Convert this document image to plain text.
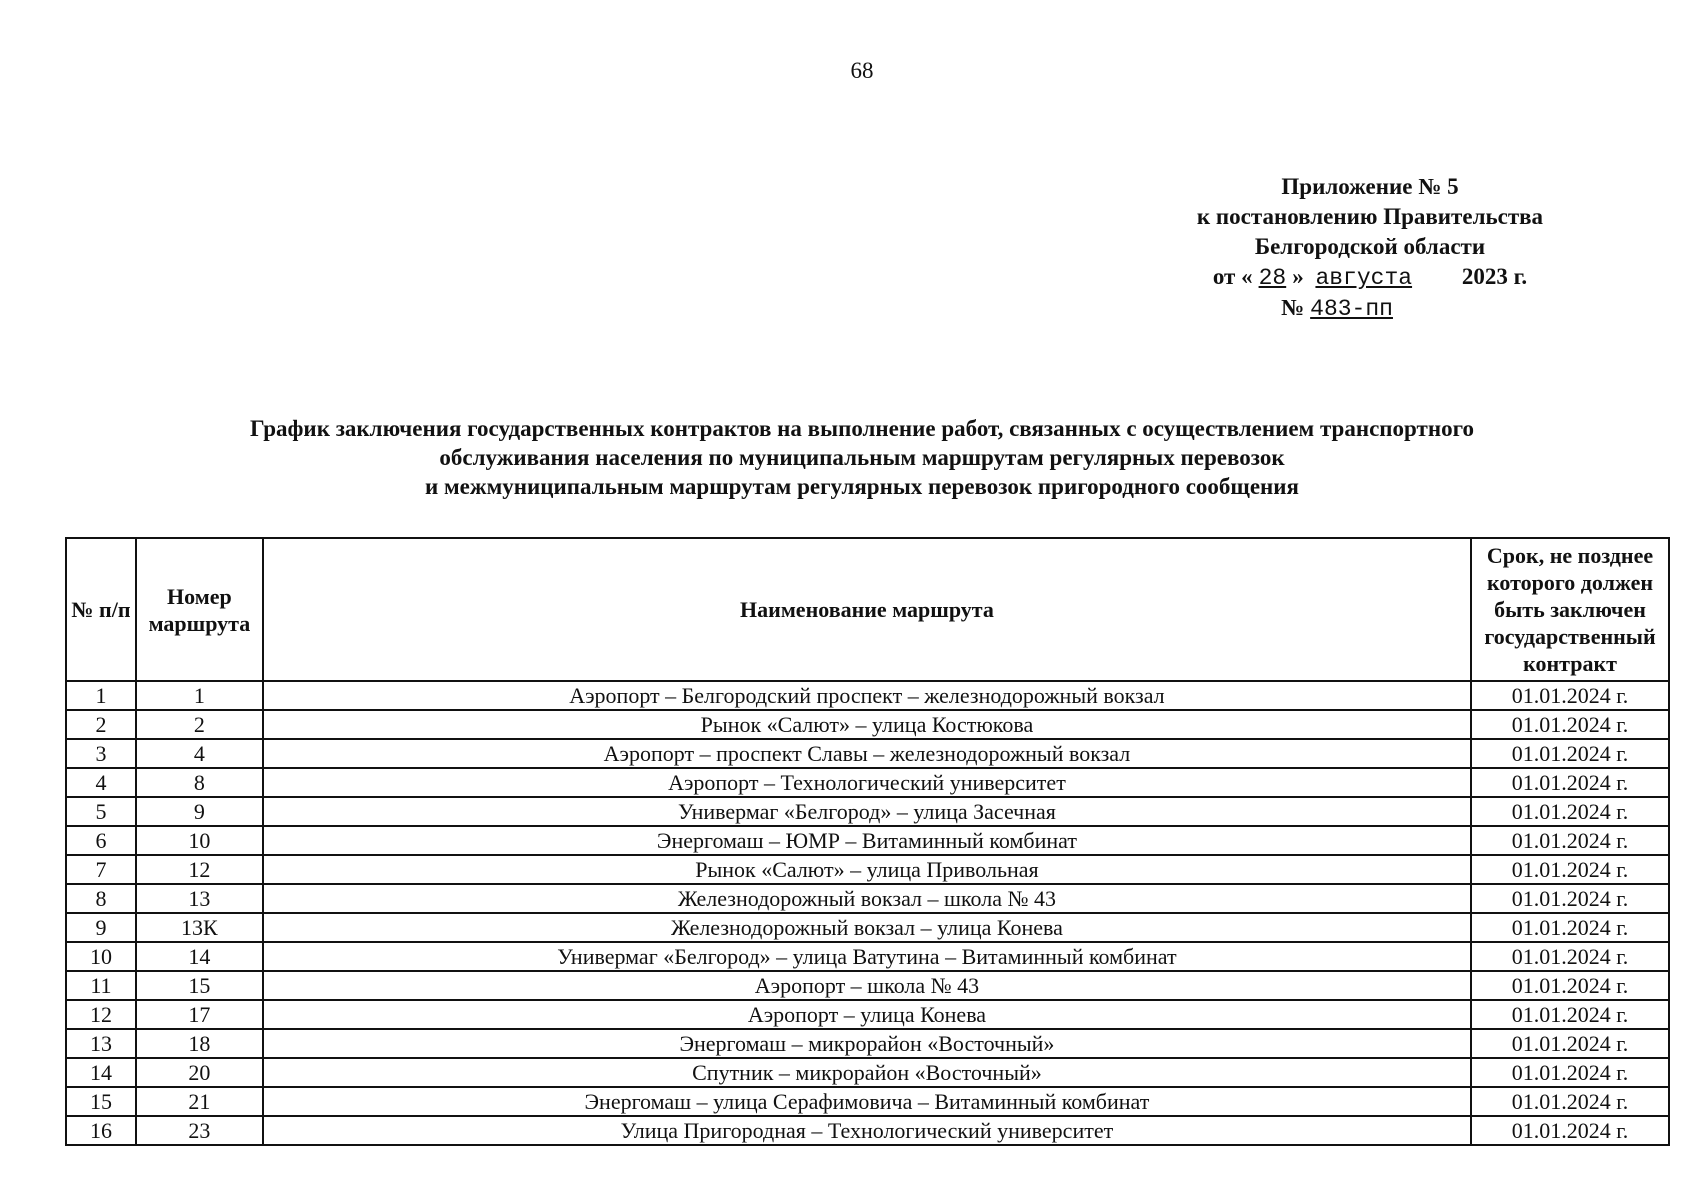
68
Приложение № 5
к постановлению Правительства
Белгородской области
от « 28 » августа 2023 г.
№ 483-пп
График заключения государственных контрактов на выполнение работ, связанных с осуществлением транспортного
обслуживания населения по муниципальным маршрутам регулярных перевозок
и межмуниципальным маршрутам регулярных перевозок пригородного сообщения
№ п/п	Номер маршрута	Наименование маршрута	Срок, не позднее которого должен быть заключен государственный контракт
1	1	Аэропорт – Белгородский проспект – железнодорожный вокзал	01.01.2024 г.
2	2	Рынок «Салют» – улица Костюкова	01.01.2024 г.
3	4	Аэропорт – проспект Славы – железнодорожный вокзал	01.01.2024 г.
4	8	Аэропорт – Технологический университет	01.01.2024 г.
5	9	Универмаг «Белгород» – улица Засечная	01.01.2024 г.
6	10	Энергомаш – ЮМР – Витаминный комбинат	01.01.2024 г.
7	12	Рынок «Салют» – улица Привольная	01.01.2024 г.
8	13	Железнодорожный вокзал – школа № 43	01.01.2024 г.
9	13К	Железнодорожный вокзал – улица Конева	01.01.2024 г.
10	14	Универмаг «Белгород» – улица Ватутина – Витаминный комбинат	01.01.2024 г.
11	15	Аэропорт – школа № 43	01.01.2024 г.
12	17	Аэропорт – улица Конева	01.01.2024 г.
13	18	Энергомаш – микрорайон «Восточный»	01.01.2024 г.
14	20	Спутник – микрорайон «Восточный»	01.01.2024 г.
15	21	Энергомаш – улица Серафимовича – Витаминный комбинат	01.01.2024 г.
16	23	Улица Пригородная – Технологический университет	01.01.2024 г.
